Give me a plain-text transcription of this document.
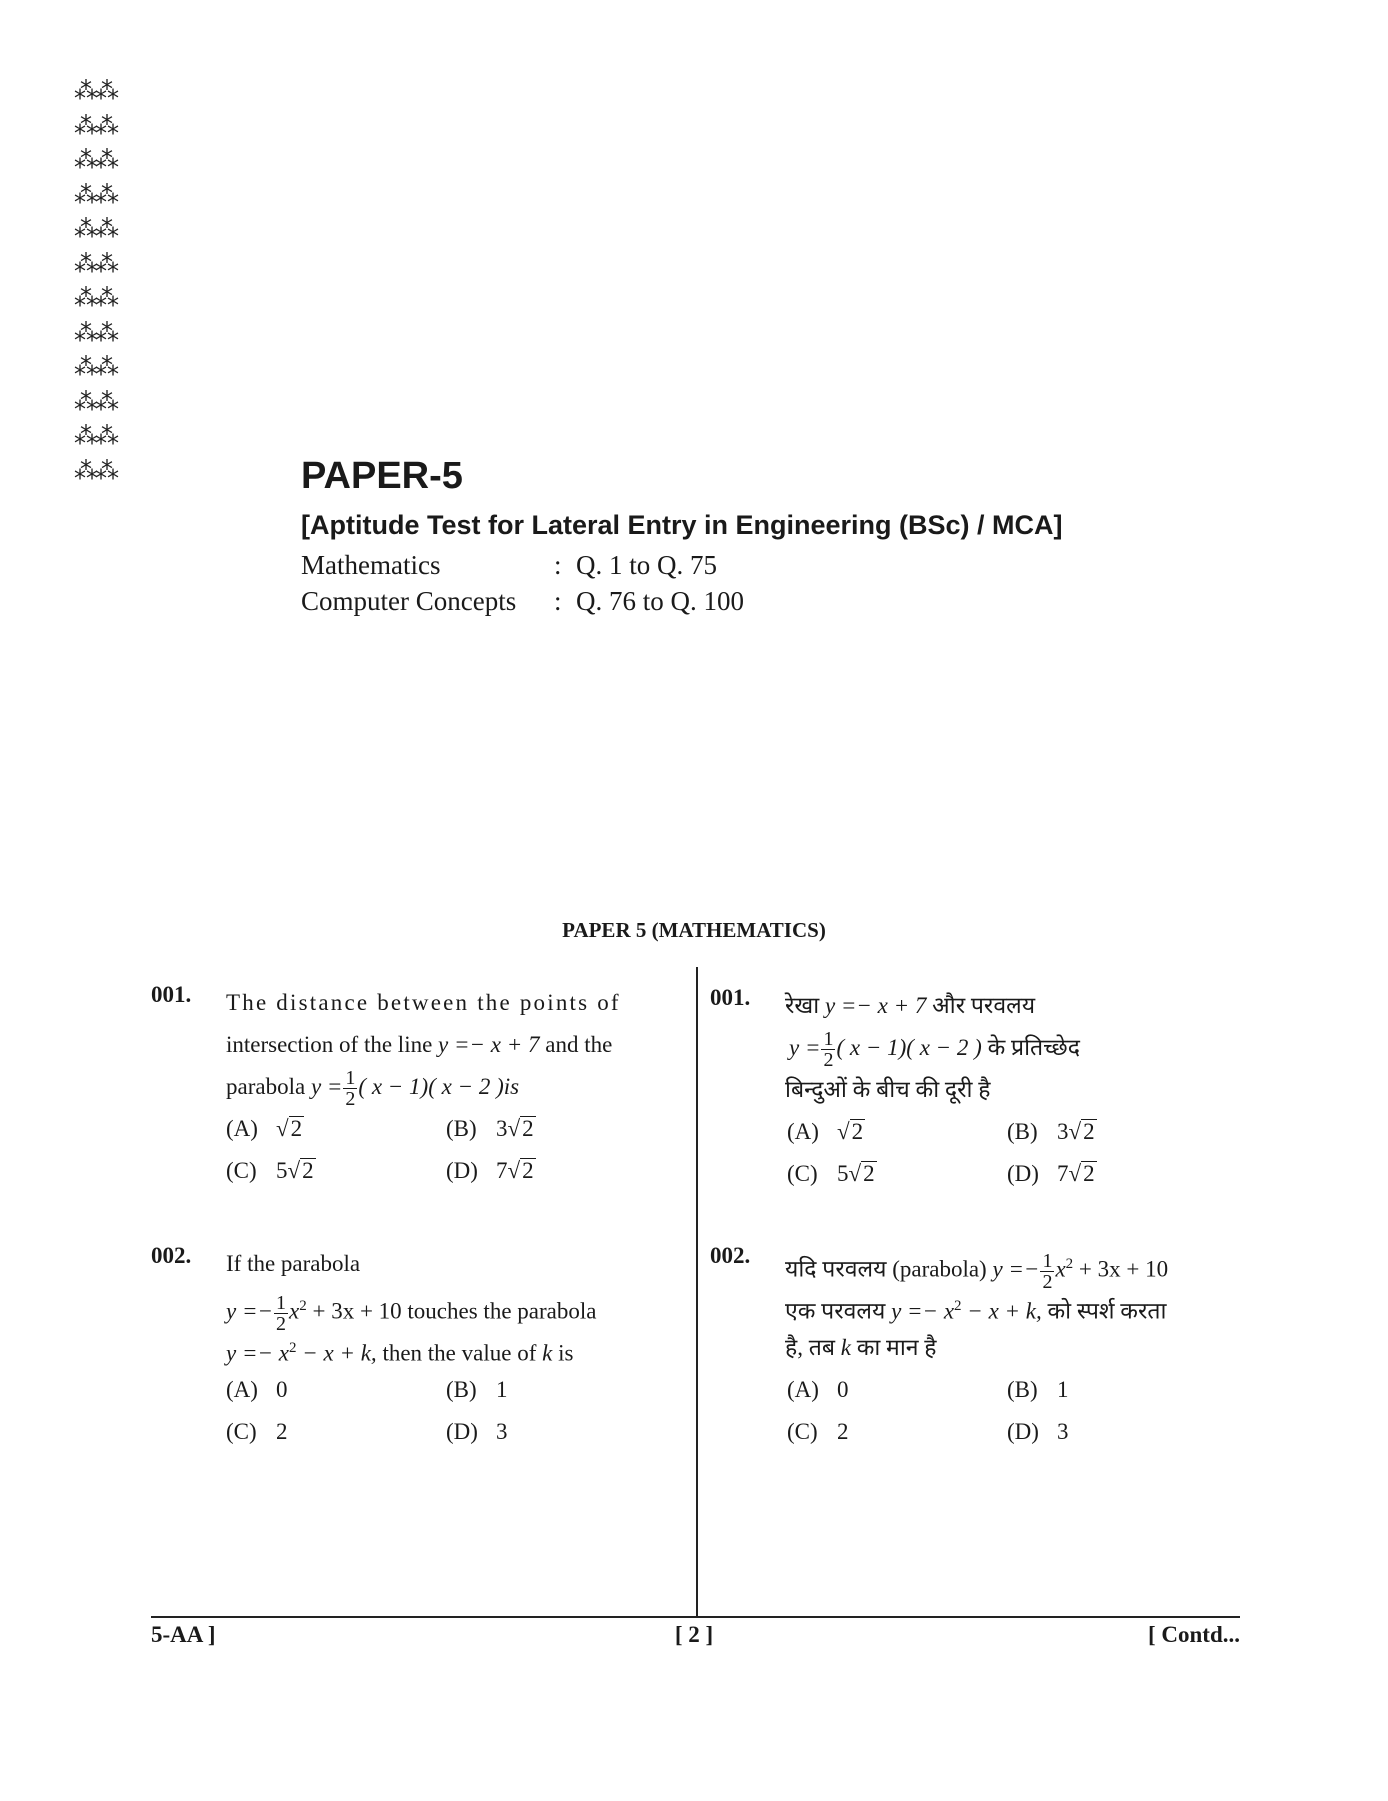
⁂⁂
⁂⁂
⁂⁂
⁂⁂
⁂⁂
⁂⁂
⁂⁂
⁂⁂
⁂⁂
⁂⁂
⁂⁂
⁂⁂	PAPER-5
[Aptitude Test for Lateral Entry in Engineering (BSc) / MCA]
Mathematics	: Q. 1 to Q. 75
Computer Concepts	: Q. 76 to Q. 100
PAPER 5 (MATHEMATICS)
001. The distance between the points of
intersection of the line y =− x + 7 and the
parabola $y = \frac{1}{2}$ ( x − 1)( x − 2 )is
(A) √2	(B) 3√2
(C) 5√2	(D) 7√2
002. If the parabola
$y =- \frac{1}{2} x^2 + 3x + 10$ touches the parabola
$y =- x^2 - x + k$, then the value of k is
(A) 0	(B) 1
(C) 2	(D) 3
001. रेखा y =− x + 7 और परवलय
$y = \frac{1}{2}$ ( x − 1)( x − 2 ) के प्रतिच्छेद
बिन्दुओं के बीच की दूरी है
(A) √2	(B) 3√2
(C) 5√2	(D) 7√2
002.
यदि परवलय (parabola) $y =- \frac{1}{2} x^2 + 3x + 10$
एक परवलय $y =- x^2 - x + k$, को स्पर्श करता
है, तब k का मान है
(A) 0	(B) 1
(C) 2	(D) 3
5-AA ]	[ 2 ]	[ Contd...
